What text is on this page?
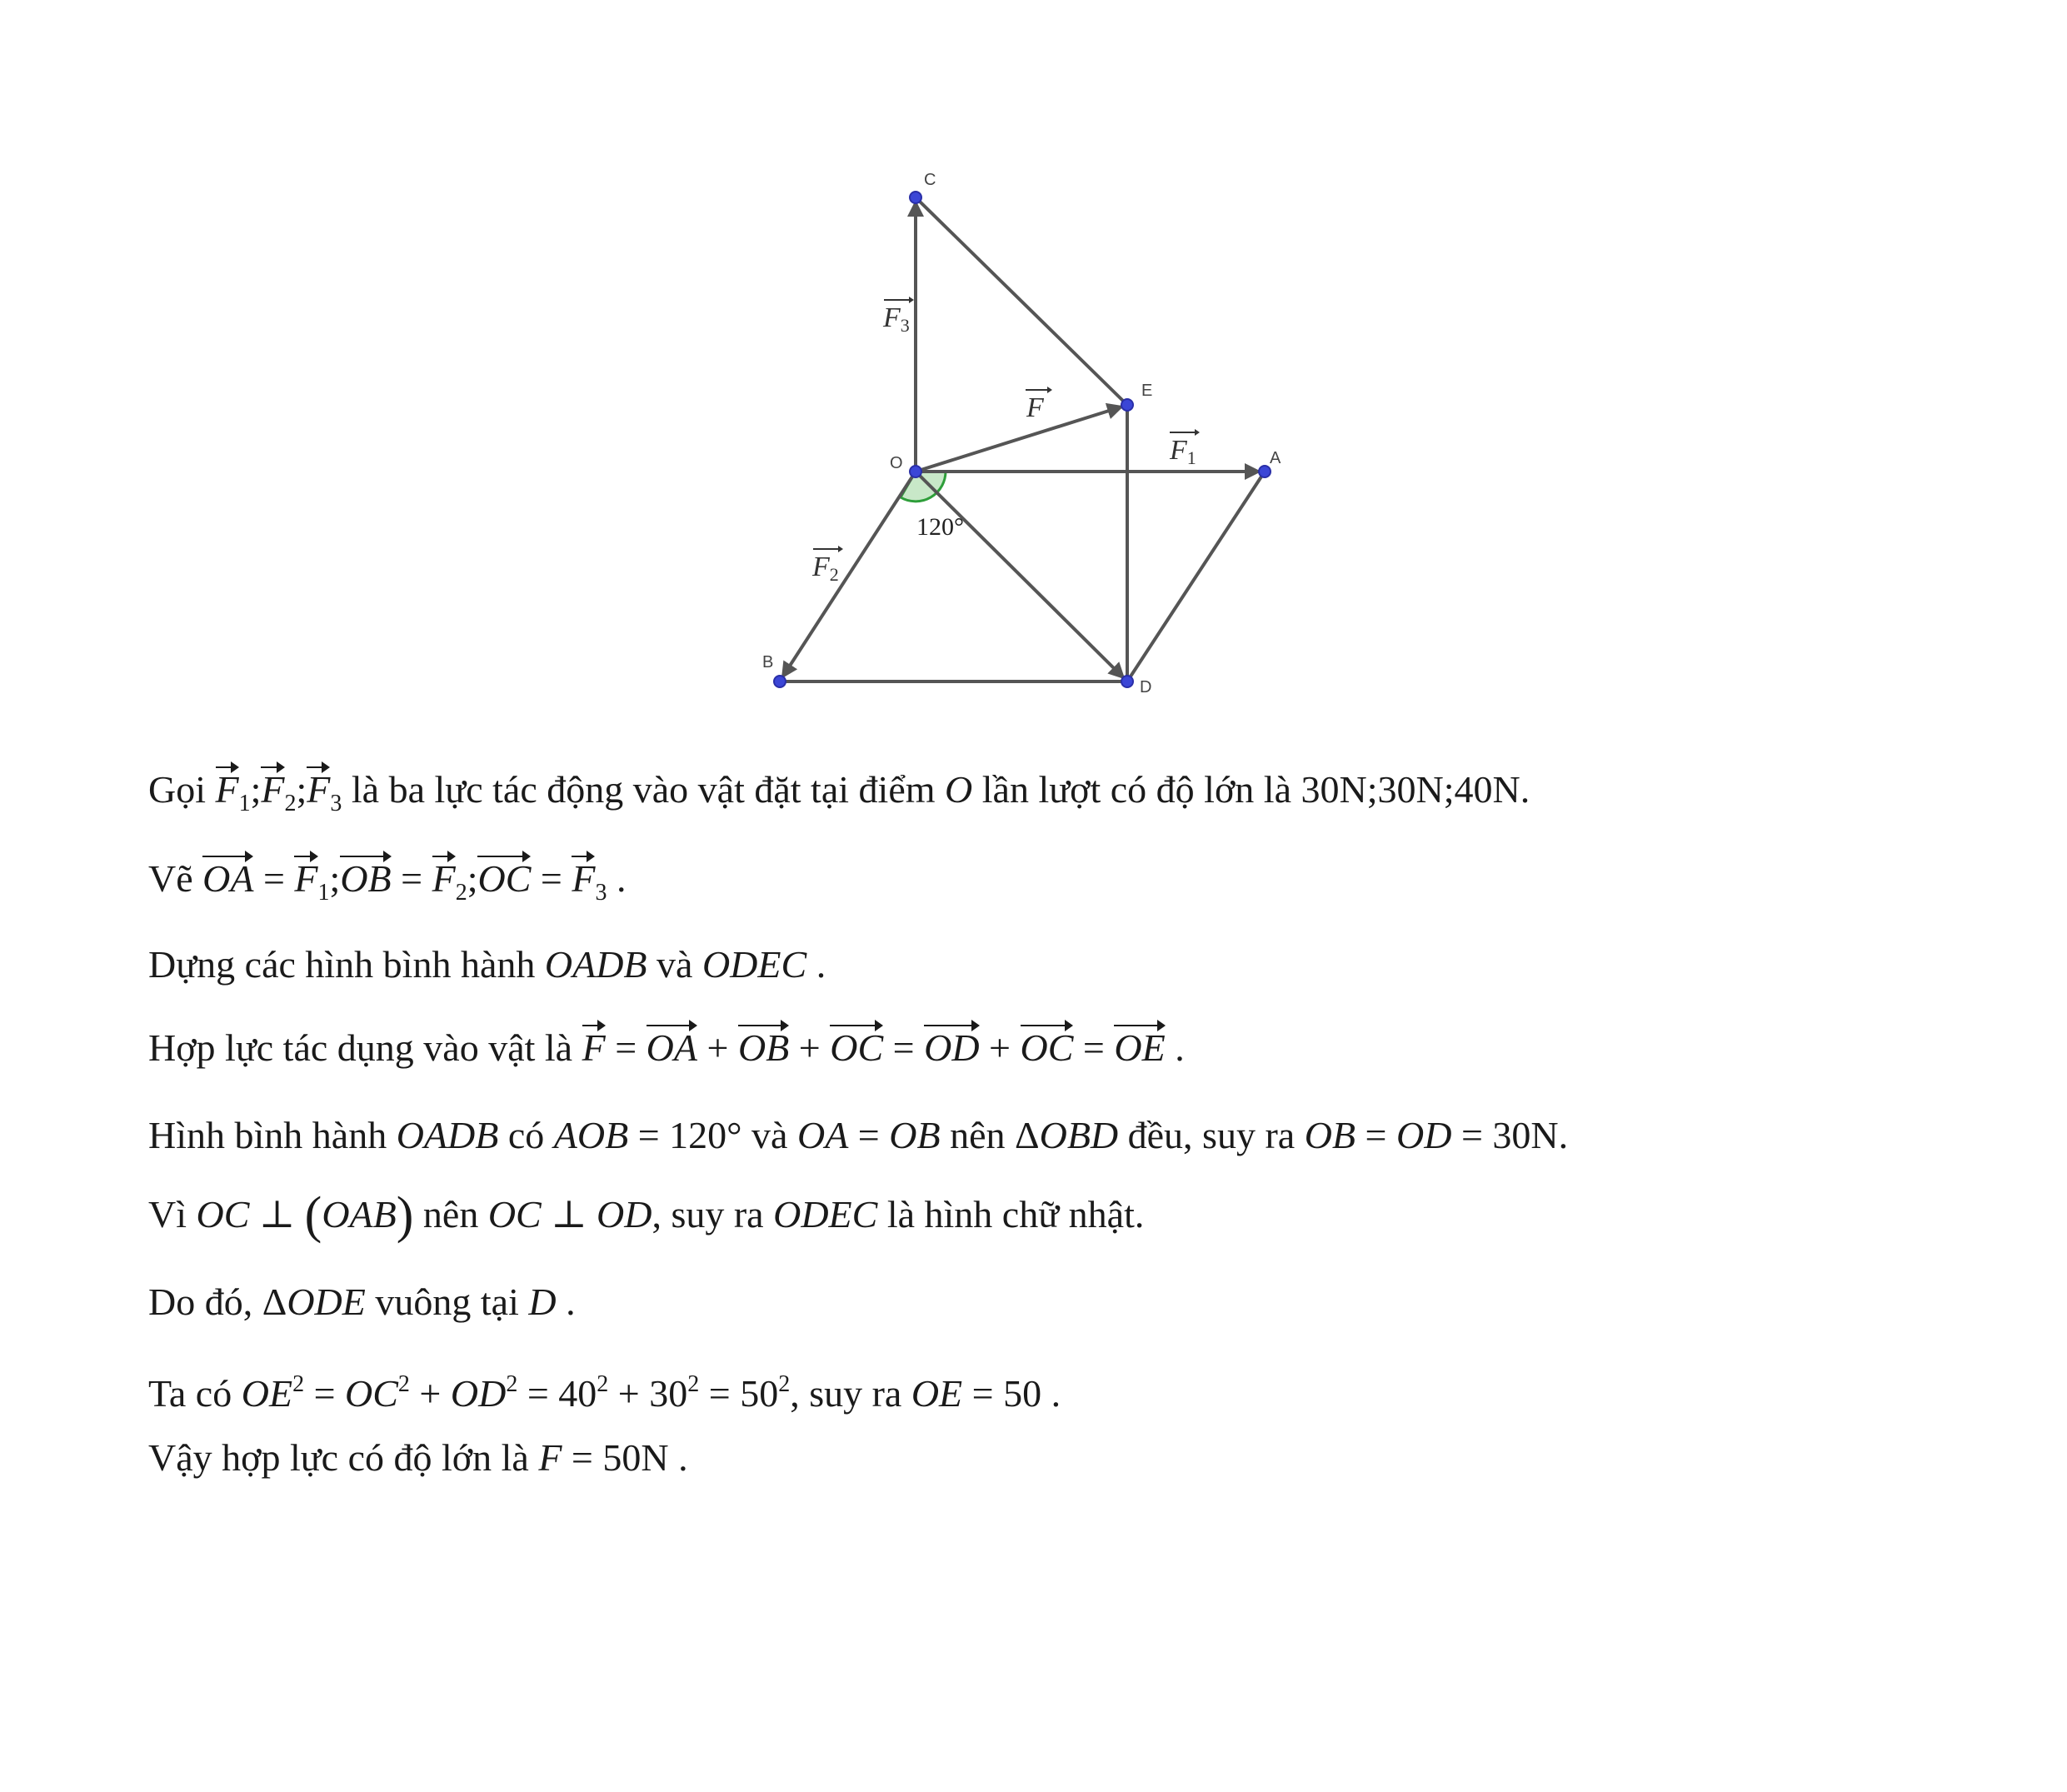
C
E
O	A
B
D
F3
F
F1
F2
120°
Gọi $F_1;F_2;F_3$ là ba lực tác động vào vật đặt tại điểm O lần lượt có độ lớn là 30N;30N;40N.
Vẽ OA = $F_1;OB$ = $F_2;OC = F_3$ .
Dựng các hình bình hành OADB và ODEC .
Hợp lực tác dụng vào vật là F = OA + OB + OC = OD + OC = OE .
Hình bình hành OADB có AOB = 120° và OA = OB nên ΔOBD đều, suy ra OB = OD = 30N.
Vì OC ⊥ (OAB) nên OC ⊥ OD, suy ra ODEC là hình chữ nhật.
Do đó, ΔODE vuông tại D .
Ta có $OE^2 = OC^2 + OD^2 = 40^2 + 30^2 = 50^2$, suy ra OE = 50 .
Vậy hợp lực có độ lớn là F = 50N .
